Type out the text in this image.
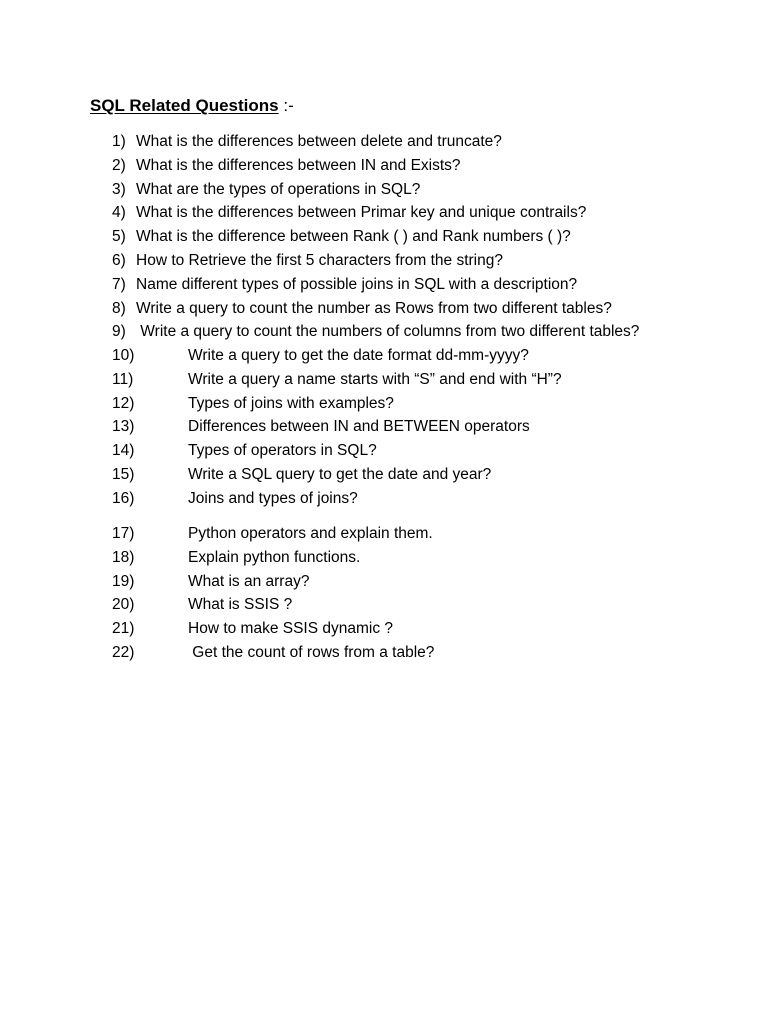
SQL Related Questions :-
1) What is the differences between delete and truncate?
2) What is the differences between IN and Exists?
3) What are the types of operations in SQL?
4) What is the differences between Primar key and unique contrails?
5) What is the difference between Rank ( ) and Rank numbers ( )?
6) How to Retrieve the first 5 characters from the string?
7) Name different types of possible joins in SQL with a description?
8) Write a query to count the number as Rows from two different tables?
9) Write a query to count the numbers of columns from two different tables?
10)	Write a query to get the date format dd-mm-yyyy?
11)	Write a query a name starts with “S” and end with “H”?
12)	Types of joins with examples?
13)	Differences between IN and BETWEEN operators
14)	Types of operators in SQL?
15)	Write a SQL query to get the date and year?
16)	Joins and types of joins?
17)	Python operators and explain them.
18)	Explain python functions.
19)	What is an array?
20)	What is SSIS ?
21)	How to make SSIS dynamic ?
22)	Get the count of rows from a table?
